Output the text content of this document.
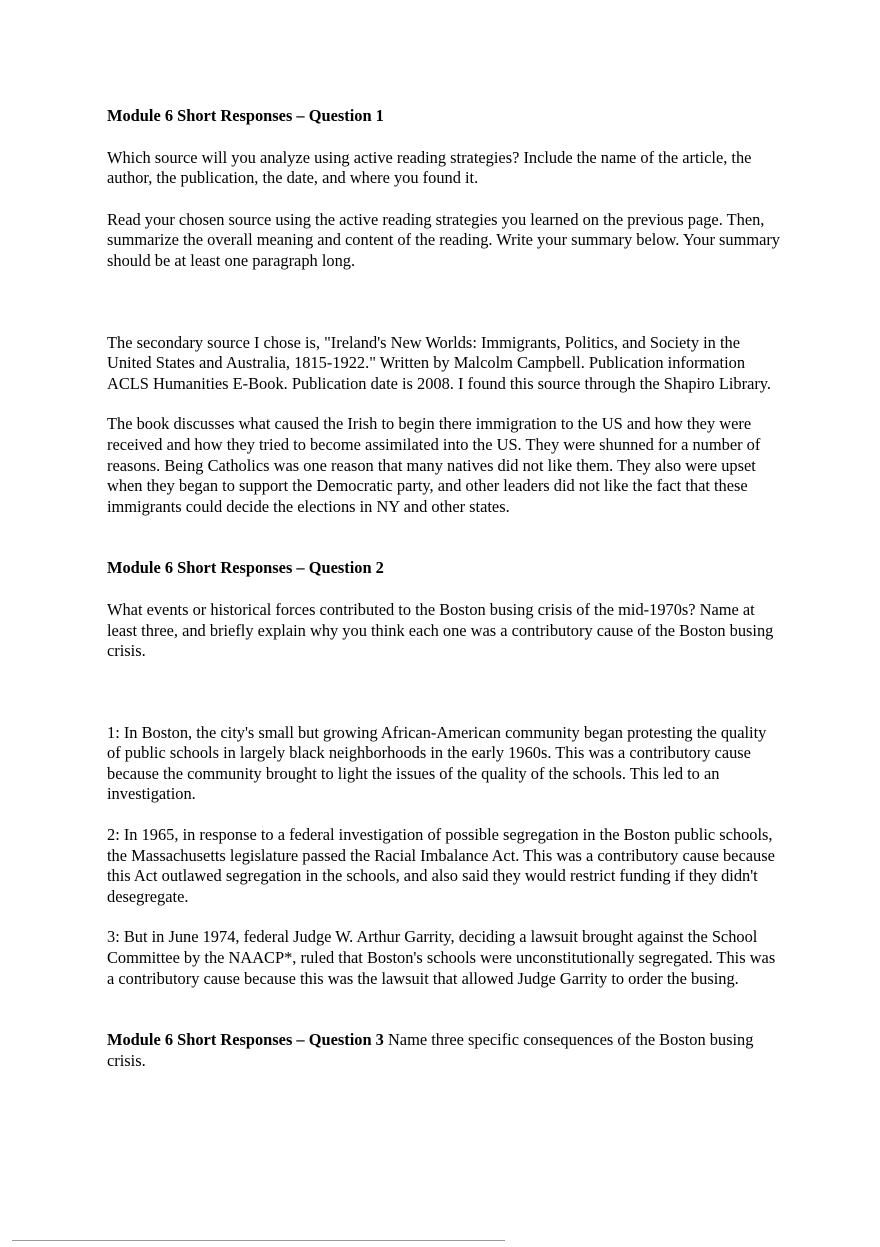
Module 6 Short Responses – Question 1

Which source will you analyze using active reading strategies? Include the name of the article, the author, the publication, the date, and where you found it.

Read your chosen source using the active reading strategies you learned on the previous page. Then, summarize the overall meaning and content of the reading. Write your summary below. Your summary should be at least one paragraph long.

The secondary source I chose is, "Ireland's New Worlds: Immigrants, Politics, and Society in the United States and Australia, 1815-1922." Written by Malcolm Campbell. Publication information ACLS Humanities E-Book. Publication date is 2008. I found this source through the Shapiro Library.

The book discusses what caused the Irish to begin there immigration to the US and how they were received and how they tried to become assimilated into the US. They were shunned for a number of reasons. Being Catholics was one reason that many natives did not like them. They also were upset when they began to support the Democratic party, and other leaders did not like the fact that these immigrants could decide the elections in NY and other states.

Module 6 Short Responses – Question 2

What events or historical forces contributed to the Boston busing crisis of the mid-1970s? Name at least three, and briefly explain why you think each one was a contributory cause of the Boston busing crisis.

1: In Boston, the city's small but growing African-American community began protesting the quality of public schools in largely black neighborhoods in the early 1960s. This was a contributory cause because the community brought to light the issues of the quality of the schools. This led to an investigation.

2: In 1965, in response to a federal investigation of possible segregation in the Boston public schools, the Massachusetts legislature passed the Racial Imbalance Act. This was a contributory cause because this Act outlawed segregation in the schools, and also said they would restrict funding if they didn't desegregate.

3: But in June 1974, federal Judge W. Arthur Garrity, deciding a lawsuit brought against the School Committee by the NAACP*, ruled that Boston's schools were unconstitutionally segregated. This was a contributory cause because this was the lawsuit that allowed Judge Garrity to order the busing.

Module 6 Short Responses – Question 3 Name three specific consequences of the Boston busing crisis.
